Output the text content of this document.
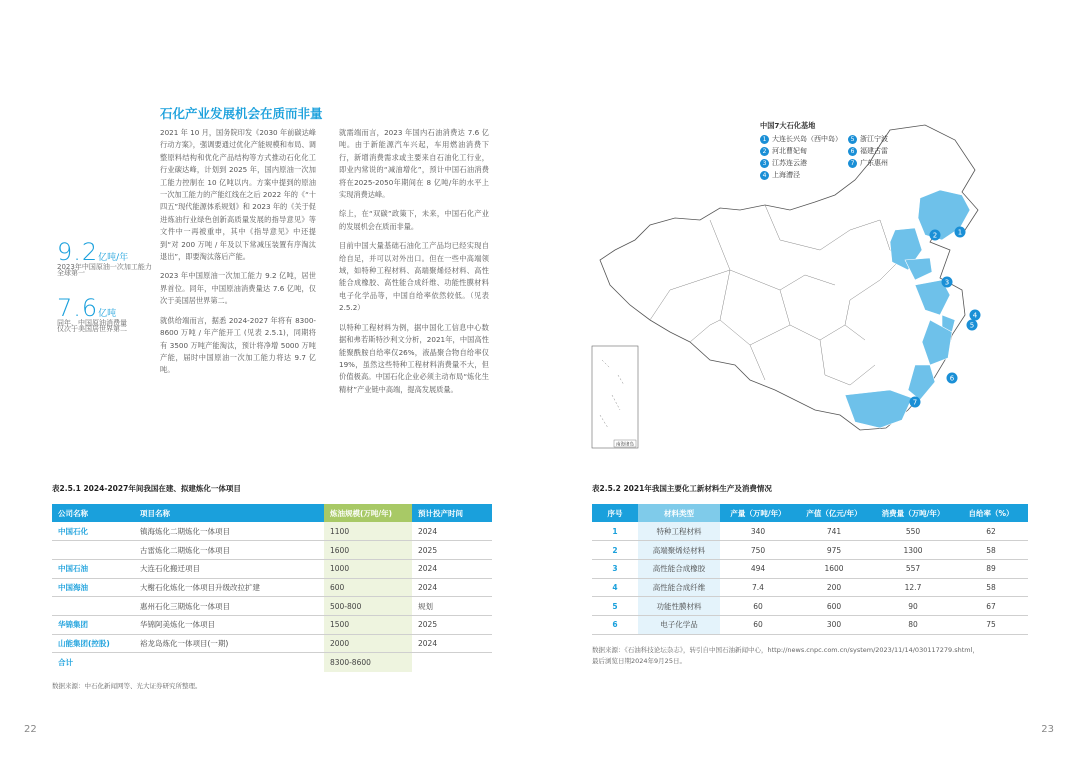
石化产业发展机会在质而非量

2021 年 10 月，国务院印发《2030 年前碳达峰行动方案》，强调要通过优化产能规模和布局、调整原料结构和优化产品结构等方式推动石化化工行业碳达峰，计划到 2025 年，国内原油一次加工能力控制在 10 亿吨以内。方案中提到的原油一次加工能力的产能红线在之后 2022 年的《“十四五”现代能源体系规划》和 2023 年的《关于促进炼油行业绿色创新高质量发展的指导意见》等文件中一再被重申，其中《指导意见》中还提到“对 200 万吨 / 年及以下常减压装置有序淘汰退出”，即要淘汰落后产能。

2023 年中国原油一次加工能力 9.2 亿吨，居世界首位。同年，中国原油消费量达 7.6 亿吨，仅次于美国居世界第二。

就供给端而言，据悉 2024-2027 年将有 8300-8600 万吨 / 年产能开工 (见表 2.5.1)，同期将有 3500 万吨产能淘汰，预计将净增 5000 万吨产能，届时中国原油一次加工能力将达 9.7 亿吨。

就需端而言，2023 年国内石油消费达 7.6 亿吨。由于新能源汽车兴起，车用燃油消费下行，新增消费需求或主要来自石油化工行业，即业内常说的“减油增化”，预计中国石油消费将在2025-2050年期间在 8 亿吨/年的水平上实现消费达峰。

综上，在“双碳”政策下，未来，中国石化产业的发展机会在质而非量。

目前中国大量基础石油化工产品均已经实现自给自足，并可以对外出口。但在一些中高端领域，如特种工程材料、高端聚烯烃材料、高性能合成橡胶、高性能合成纤维、功能性膜材料电子化学品等，中国自给率依然较低。（见表2.5.2）

以特种工程材料为例，据中国化工信息中心数据和弗若斯特沙利文分析，2021年，中国高性能聚酰胺自给率仅26%，液晶聚合物自给率仅19%，虽然这些特种工程材料消费量不大，但价值极高。中国石化企业必须主动布局“炼化生精材”产业链中高端，提高发展质量。

9.2亿吨/年
2023年中国原油一次加工能力
全球第一
7.6亿吨
同年，中国原油消费量
仅次于美国居世界第二
1
2
3
4
5
6
7
南海诸岛
中国7大石化基地
1 大连长兴岛（西中岛）	5 浙江宁波
2 河北曹妃甸	6 福建古雷
3 江苏连云港	7 广东惠州
4 上海漕泾
表2.5.1 2024-2027年间我国在建、拟建炼化一体项目
公司名称	项目名称	炼油规模(万吨/年)	预计投产时间
中国石化	镇海炼化二期炼化一体项目	1100	2024
	古雷炼化二期炼化一体项目	1600	2025
中国石油	大连石化搬迁项目	1000	2024
中国海油	大榭石化炼化一体项目升级改拉扩建	600	2024
	惠州石化三期炼化一体项目	500-800	规划
华锦集团	华锦阿美炼化一体项目	1500	2025
山能集团(控股)	裕龙岛炼化一体项目(一期)	2000	2024
合计		8300-8600	
数据来源：中石化新闻网等、光大证券研究所整理。
表2.5.2 2021年我国主要化工新材料生产及消费情况
序号	材料类型	产量（万吨/年）	产值（亿元/年）	消费量（万吨/年）	自给率（%）
1	特种工程材料	340	741	550	62
2	高端聚烯烃材料	750	975	1300	58
3	高性能合成橡胶	494	1600	557	89
4	高性能合成纤维	7.4	200	12.7	58
5	功能性膜材料	60	600	90	67
6	电子化学品	60	300	80	75
数据来源：《石油科技论坛杂志》，转引自中国石油新闻中心，http://news.cnpc.com.cn/system/2023/11/14/030117279.shtml，
最后浏览日期2024年9月25日。
22	23
